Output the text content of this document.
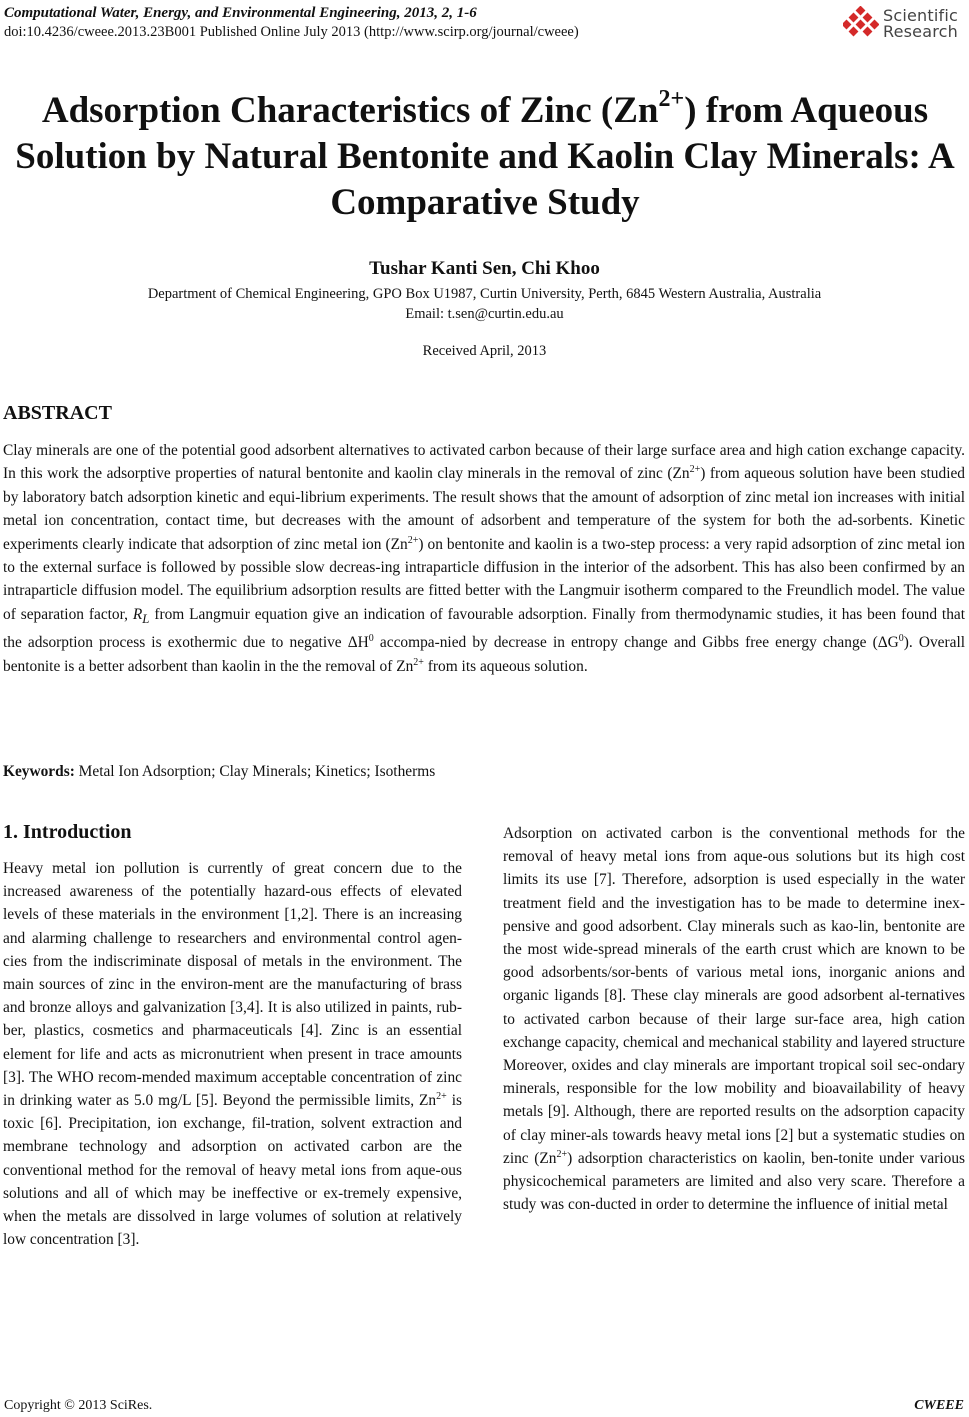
Computational Water, Energy, and Environmental Engineering, 2013, 2, 1-6
doi:10.4236/cweee.2013.23B001 Published Online July 2013 (http://www.scirp.org/journal/cweee)
Scientific
Research
Adsorption Characteristics of Zinc $(Zn^{2+})$ from Aqueous Solution by Natural Bentonite and Kaolin Clay Minerals: A Comparative Study
Tushar Kanti Sen, Chi Khoo
Department of Chemical Engineering, GPO Box U1987, Curtin University, Perth, 6845 Western Australia, Australia
Email: t.sen@curtin.edu.au
Received April, 2013
ABSTRACT
Clay minerals are one of the potential good adsorbent alternatives to activated carbon because of their large surface area and high cation exchange capacity. In this work the adsorptive properties of natural bentonite and kaolin clay minerals in the removal of zinc $(Zn^{2+})$ from aqueous solution have been studied by laboratory batch adsorption kinetic and equi-librium experiments. The result shows that the amount of adsorption of zinc metal ion increases with initial metal ion concentration, contact time, but decreases with the amount of adsorbent and temperature of the system for both the ad-sorbents. Kinetic experiments clearly indicate that adsorption of zinc metal ion $(Zn^{2+})$ on bentonite and kaolin is a two-step process: a very rapid adsorption of zinc metal ion to the external surface is followed by possible slow decreas-ing intraparticle diffusion in the interior of the adsorbent. This has also been confirmed by an intraparticle diffusion model. The equilibrium adsorption results are fitted better with the Langmuir isotherm compared to the Freundlich model. The value of separation factor, $R_L$ from Langmuir equation give an indication of favourable adsorption. Finally from thermodynamic studies, it has been found that the adsorption process is exothermic due to negative $\Delta H^0$ accompa-nied by decrease in entropy change and Gibbs free energy change $(\Delta G^0)$. Overall bentonite is a better adsorbent than kaolin in the the removal of $Zn^{2+}$ from its aqueous solution.
Keywords: Metal Ion Adsorption; Clay Minerals; Kinetics; Isotherms
1. Introduction
Heavy metal ion pollution is currently of great concern due to the increased awareness of the potentially hazard-ous effects of elevated levels of these materials in the environment [1,2]. There is an increasing and alarming challenge to researchers and environmental control agen-cies from the indiscriminate disposal of metals in the environment. The main sources of zinc in the environ-ment are the manufacturing of brass and bronze alloys and galvanization [3,4]. It is also utilized in paints, rub-ber, plastics, cosmetics and pharmaceuticals [4]. Zinc is an essential element for life and acts as micronutrient when present in trace amounts [3]. The WHO recom-mended maximum acceptable concentration of zinc in drinking water as 5.0 mg/L [5]. Beyond the permissible limits, $Zn^{2+}$ is toxic [6]. Precipitation, ion exchange, fil-tration, solvent extraction and membrane technology and adsorption on activated carbon are the conventional method for the removal of heavy metal ions from aque-ous solutions and all of which may be ineffective or ex-tremely expensive, when the metals are dissolved in large volumes of solution at relatively low concentration [3].
Adsorption on activated carbon is the conventional methods for the removal of heavy metal ions from aque-ous solutions but its high cost limits its use [7]. Therefore, adsorption is used especially in the water treatment field and the investigation has to be made to determine inex-pensive and good adsorbent. Clay minerals such as kao-lin, bentonite are the most wide-spread minerals of the earth crust which are known to be good adsorbents/sor-bents of various metal ions, inorganic anions and organic ligands [8]. These clay minerals are good adsorbent al-ternatives to activated carbon because of their large sur-face area, high cation exchange capacity, chemical and mechanical stability and layered structure Moreover, oxides and clay minerals are important tropical soil sec-ondary minerals, responsible for the low mobility and bioavailability of heavy metals [9]. Although, there are reported results on the adsorption capacity of clay miner-als towards heavy metal ions [2] but a systematic studies on zinc $(Zn^{2+})$ adsorption characteristics on kaolin, ben-tonite under various physicochemical parameters are limited and also very scare. Therefore a study was con-ducted in order to determine the influence of initial metal
Copyright © 2013 SciRes.	CWEEE
